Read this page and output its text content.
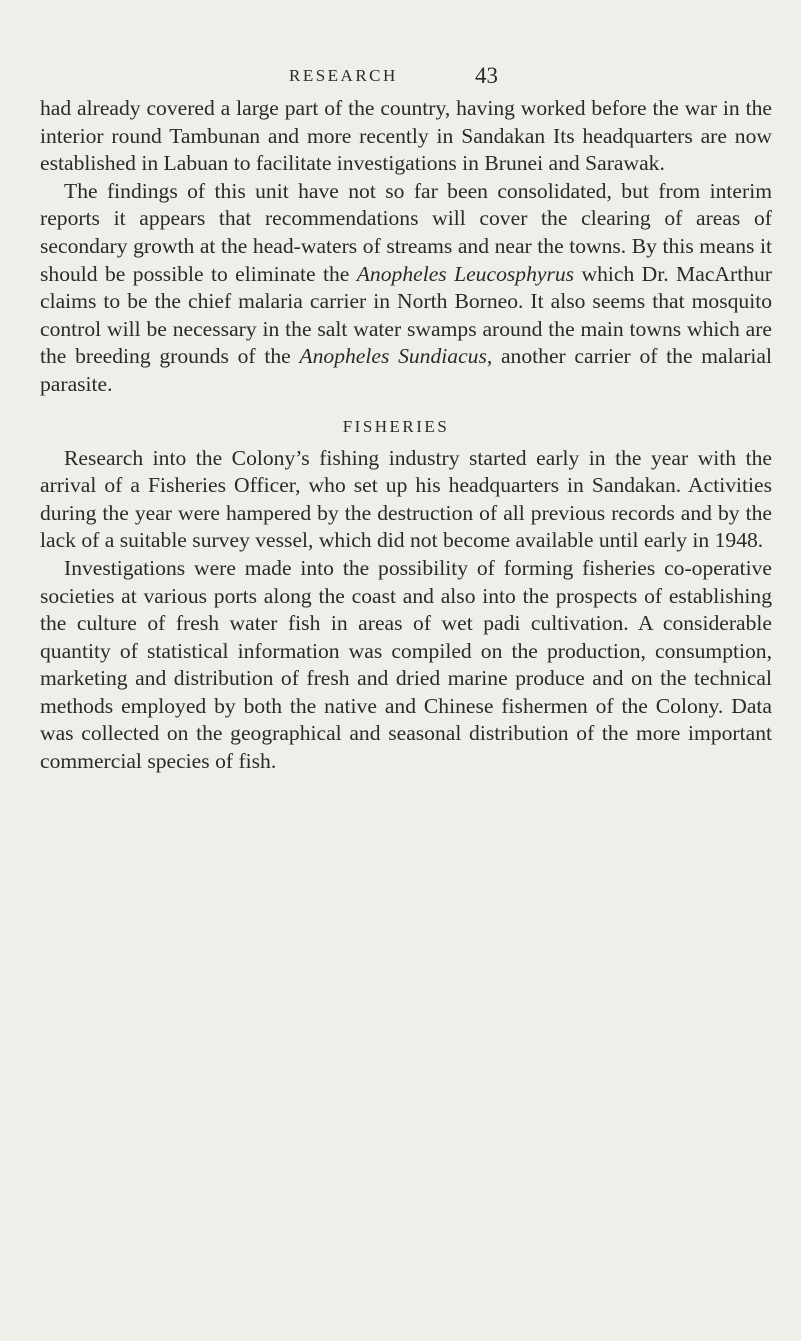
RESEARCH	43

had already covered a large part of the country, having worked before the war in the interior round Tambunan and more recently in Sandakan Its headquarters are now established in Labuan to facilitate investigations in Brunei and Sarawak.

The findings of this unit have not so far been consolidated, but from interim reports it appears that recommendations will cover the clearing of areas of secondary growth at the head-waters of streams and near the towns. By this means it should be possible to eliminate the Anopheles Leucosphyrus which Dr. MacArthur claims to be the chief malaria carrier in North Borneo. It also seems that mosquito control will be necessary in the salt water swamps around the main towns which are the breeding grounds of the Anopheles Sundiacus, another carrier of the malarial parasite.

FISHERIES

Research into the Colony’s fishing industry started early in the year with the arrival of a Fisheries Officer, who set up his headquarters in Sandakan. Activities during the year were hampered by the destruction of all previous records and by the lack of a suitable survey vessel, which did not become available until early in 1948.

Investigations were made into the possibility of forming fisheries co-operative societies at various ports along the coast and also into the prospects of establishing the culture of fresh water fish in areas of wet padi cultivation. A considerable quantity of statistical information was compiled on the production, consumption, marketing and distribution of fresh and dried marine produce and on the technical methods employed by both the native and Chinese fishermen of the Colony. Data was collected on the geographical and seasonal distribution of the more important commercial species of fish.
